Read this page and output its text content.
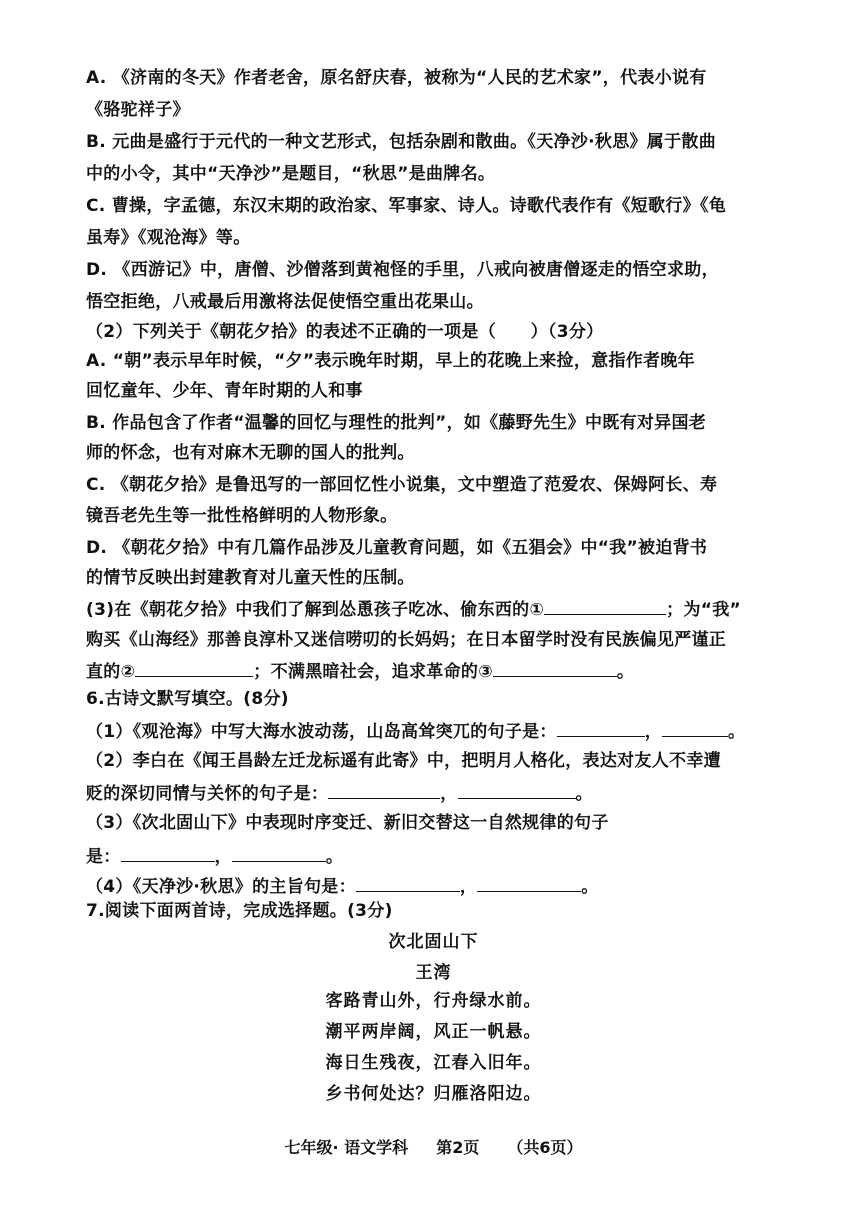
A. 《济南的冬天》作者老舍，原名舒庆春，被称为“人民的艺术家”，代表小说有
《骆驼祥子》
B. 元曲是盛行于元代的一种文艺形式，包括杂剧和散曲。《天净沙·秋思》属于散曲
中的小令，其中“天净沙”是题目，“秋思”是曲牌名。
C. 曹操，字孟德，东汉末期的政治家、军事家、诗人。诗歌代表作有《短歌行》《龟
虽寿》《观沧海》等。
D. 《西游记》中，唐僧、沙僧落到黄袍怪的手里，八戒向被唐僧逐走的悟空求助，
悟空拒绝，八戒最后用激将法促使悟空重出花果山。
（2）下列关于《朝花夕拾》的表述不正确的一项是（　　）（3分）
A. “朝”表示早年时候，“夕”表示晚年时期，早上的花晚上来捡，意指作者晚年
回忆童年、少年、青年时期的人和事
B. 作品包含了作者“温馨的回忆与理性的批判”，如《藤野先生》中既有对异国老
师的怀念，也有对麻木无聊的国人的批判。
C. 《朝花夕拾》是鲁迅写的一部回忆性小说集，文中塑造了范爱农、保姆阿长、寿
镜吾老先生等一批性格鲜明的人物形象。
D. 《朝花夕拾》中有几篇作品涉及儿童教育问题，如《五猖会》中“我”被迫背书
的情节反映出封建教育对儿童天性的压制。
(3)在《朝花夕拾》中我们了解到怂恿孩子吃冰、偷东西的①	；为“我”
购买《山海经》那善良淳朴又迷信唠叨的长妈妈；在日本留学时没有民族偏见严谨正
直的②	；不满黑暗社会，追求革命的③	。
6.古诗文默写填空。(8分)
（1）《观沧海》中写大海水波动荡，山岛高耸突兀的句子是：	，	。
（2）李白在《闻王昌龄左迁龙标遥有此寄》中，把明月人格化，表达对友人不幸遭
贬的深切同情与关怀的句子是：	，	。
（3）《次北固山下》中表现时序变迁、新旧交替这一自然规律的句子
是：	，	。
（4）《天净沙·秋思》的主旨句是：	，	。
7.阅读下面两首诗，完成选择题。(3分)
次北固山下
王湾
客路青山外，行舟绿水前。
潮平两岸阔，风正一帆悬。
海日生残夜，江春入旧年。
乡书何处达？归雁洛阳边。
七年级· 语文学科 第2页 （共6页）
